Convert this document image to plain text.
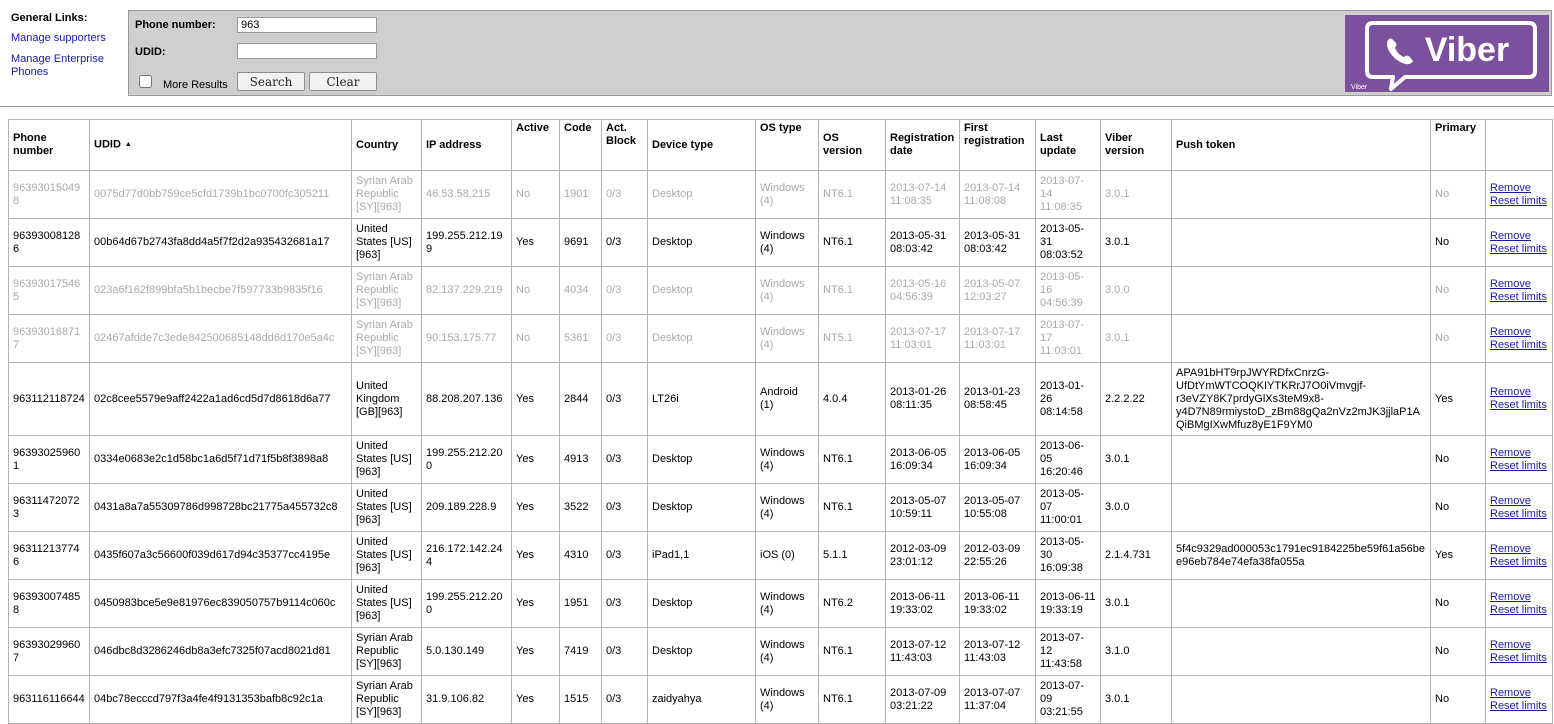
General Links:
Manage supporters
Manage Enterprise Phones
Phone number:
963
UDID:
More Results	Search	Clear
Viber
Viber
Phone number	UDID ▲	Country	IP address	Active	Code	Act. Block	Device type	OS type	OS version	Registration date	First registration	Last update	Viber version	Push token	Primary	
963930150498	0075d77d0bb759ce5cfd1739b1bc0700fc305211	Syrian Arab Republic [SY][963]	46.53.58.215	No	1901	0/3	Desktop	Windows (4)	NT6.1	2013-07-14 11:08:35	2013-07-14 11:08:08	2013-07-14 11:08:35	3.0.1		No	Remove
Reset limits

963930081286	00b64d67b2743fa8dd4a5f7f2d2a935432681a17	United States [US][963]	199.255.212.199	Yes	9691	0/3	Desktop	Windows (4)	NT6.1	2013-05-31 08:03:42	2013-05-31 08:03:42	2013-05-31 08:03:52	3.0.1		No	Remove
Reset limits

963930175465	023a6f162f899bfa5b1becbe7f597733b9835f16	Syrian Arab Republic [SY][963]	82.137.229.219	No	4034	0/3	Desktop	Windows (4)	NT6.1	2013-05-16 04:56:39	2013-05-07 12:03:27	2013-05-16 04:56:39	3.0.0		No	Remove
Reset limits

963930168717	02467afdde7c3ede842500685148dd6d170e5a4c	Syrian Arab Republic [SY][963]	90.153.175.77	No	5361	0/3	Desktop	Windows (4)	NT5.1	2013-07-17 11:03:01	2013-07-17 11:03:01	2013-07-17 11:03:01	3.0.1		No	Remove
Reset limits

963112118724	02c8cee5579e9aff2422a1ad6cd5d7d8618d6a77	United Kingdom [GB][963]	88.208.207.136	Yes	2844	0/3	LT26i	Android (1)	4.0.4	2013-01-26 08:11:35	2013-01-23 08:58:45	2013-01-26 08:14:58	2.2.2.22	APA91bHT9rpJWYRDfxCnrzG-UfDtYmWTCOQKIYTKRrJ7O0iVmvgjf-r3eVZY8K7prdyGlXs3teM9x8-y4D7N89rmiystoD_zBm88gQa2nVz2mJK3jjlaP1AQiBMgIXwMfuz8yE1F9YM0	Yes	Remove
Reset limits

963930259601	0334e0683e2c1d58bc1a6d5f71d71f5b8f3898a8	United States [US][963]	199.255.212.200	Yes	4913	0/3	Desktop	Windows (4)	NT6.1	2013-06-05 16:09:34	2013-06-05 16:09:34	2013-06-05 16:20:46	3.0.1		No	Remove
Reset limits

963114720723	0431a8a7a55309786d998728bc21775a455732c8	United States [US][963]	209.189.228.9	Yes	3522	0/3	Desktop	Windows (4)	NT6.1	2013-05-07 10:59:11	2013-05-07 10:55:08	2013-05-07 11:00:01	3.0.0		No	Remove
Reset limits

963112137746	0435f607a3c56600f039d617d94c35377cc4195e	United States [US][963]	216.172.142.244	Yes	4310	0/3	iPad1,1	iOS (0)	5.1.1	2012-03-09 23:01:12	2012-03-09 22:55:26	2013-05-30 16:09:38	2.1.4.731	5f4c9329ad000053c1791ec9184225be59f61a56be e96eb784e74efa38fa055a	Yes	Remove
Reset limits

963930074858	0450983bce5e9e81976ec839050757b9114c060c	United States [US][963]	199.255.212.200	Yes	1951	0/3	Desktop	Windows (4)	NT6.2	2013-06-11 19:33:02	2013-06-11 19:33:02	2013-06-11 19:33:19	3.0.1		No	Remove
Reset limits

963930299607	046dbc8d3286246db8a3efc7325f07acd8021d81	Syrian Arab Republic [SY][963]	5.0.130.149	Yes	7419	0/3	Desktop	Windows (4)	NT6.1	2013-07-12 11:43:03	2013-07-12 11:43:03	2013-07-12 11:43:58	3.1.0		No	Remove
Reset limits

963116116644	04bc78ecccd797f3a4fe4f9131353bafb8c92c1a	Syrian Arab Republic [SY][963]	31.9.106.82	Yes	1515	0/3	zaidyahya	Windows (4)	NT6.1	2013-07-09 03:21:22	2013-07-07 11:37:04	2013-07-09 03:21:55	3.0.1		No	Remove
Reset limits
